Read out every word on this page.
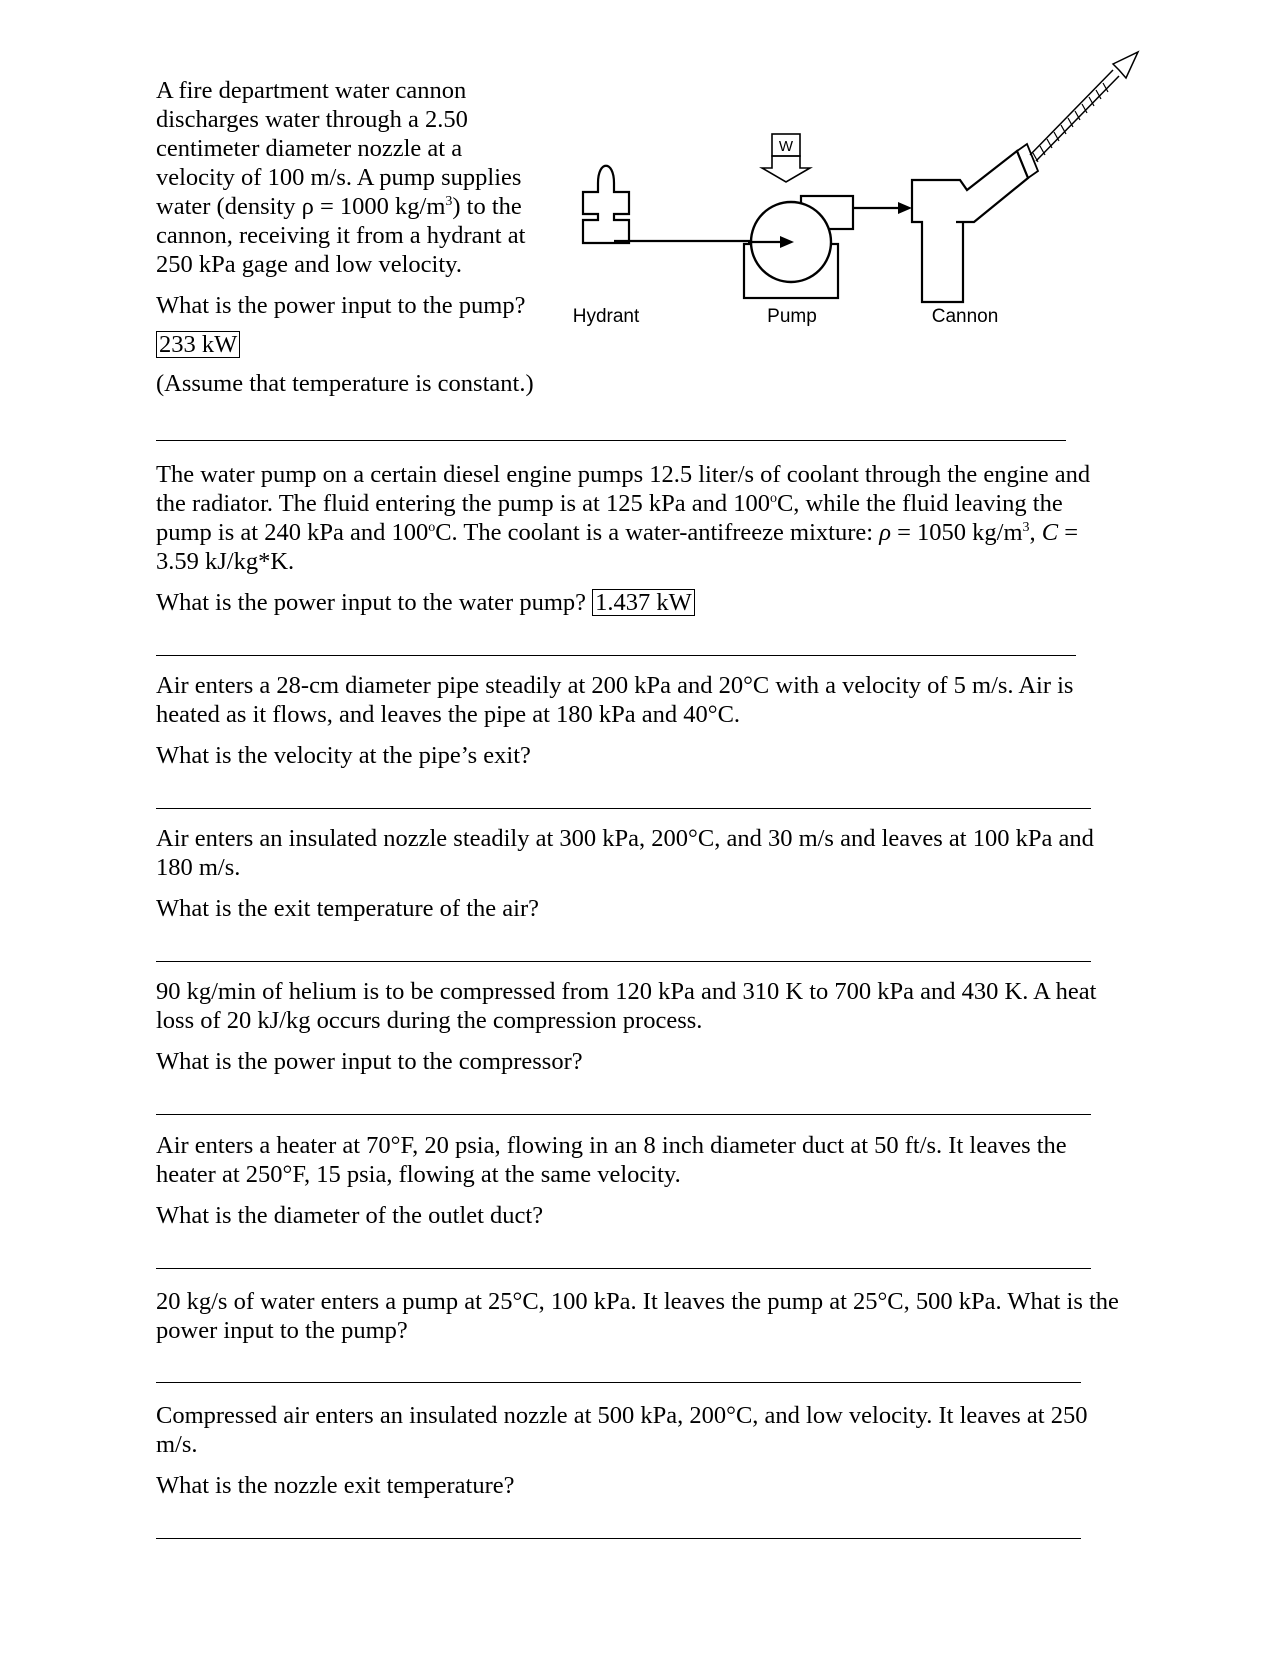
A fire department water cannon discharges water through a 2.50 centimeter diameter nozzle at a velocity of 100 m/s. A pump supplies water (density ρ = 1000 $kg/m^3$) to the cannon, receiving it from a hydrant at 250 kPa gage and low velocity.

What is the power input to the pump?

233 kW

(Assume that temperature is constant.)

W
Hydrant	Pump	Cannon

The water pump on a certain diesel engine pumps 12.5 liter/s of coolant through the engine and the radiator. The fluid entering the pump is at 125 kPa and 100$^o$C, while the fluid leaving the pump is at 240 kPa and 100$^o$C. The coolant is a water-antifreeze mixture: ρ = 1050 $kg/m^3$, C = 3.59 kJ/kg*K.

What is the power input to the water pump? 1.437 kW

Air enters a 28-cm diameter pipe steadily at 200 kPa and 20°C with a velocity of 5 m/s. Air is heated as it flows, and leaves the pipe at 180 kPa and 40°C.

What is the velocity at the pipe’s exit?

Air enters an insulated nozzle steadily at 300 kPa, 200°C, and 30 m/s and leaves at 100 kPa and 180 m/s.

What is the exit temperature of the air?

90 kg/min of helium is to be compressed from 120 kPa and 310 K to 700 kPa and 430 K. A heat loss of 20 kJ/kg occurs during the compression process.

What is the power input to the compressor?

Air enters a heater at 70°F, 20 psia, flowing in an 8 inch diameter duct at 50 ft/s. It leaves the heater at 250°F, 15 psia, flowing at the same velocity.

What is the diameter of the outlet duct?

20 kg/s of water enters a pump at 25°C, 100 kPa. It leaves the pump at 25°C, 500 kPa. What is the power input to the pump?

Compressed air enters an insulated nozzle at 500 kPa, 200°C, and low velocity. It leaves at 250 m/s.

What is the nozzle exit temperature?
